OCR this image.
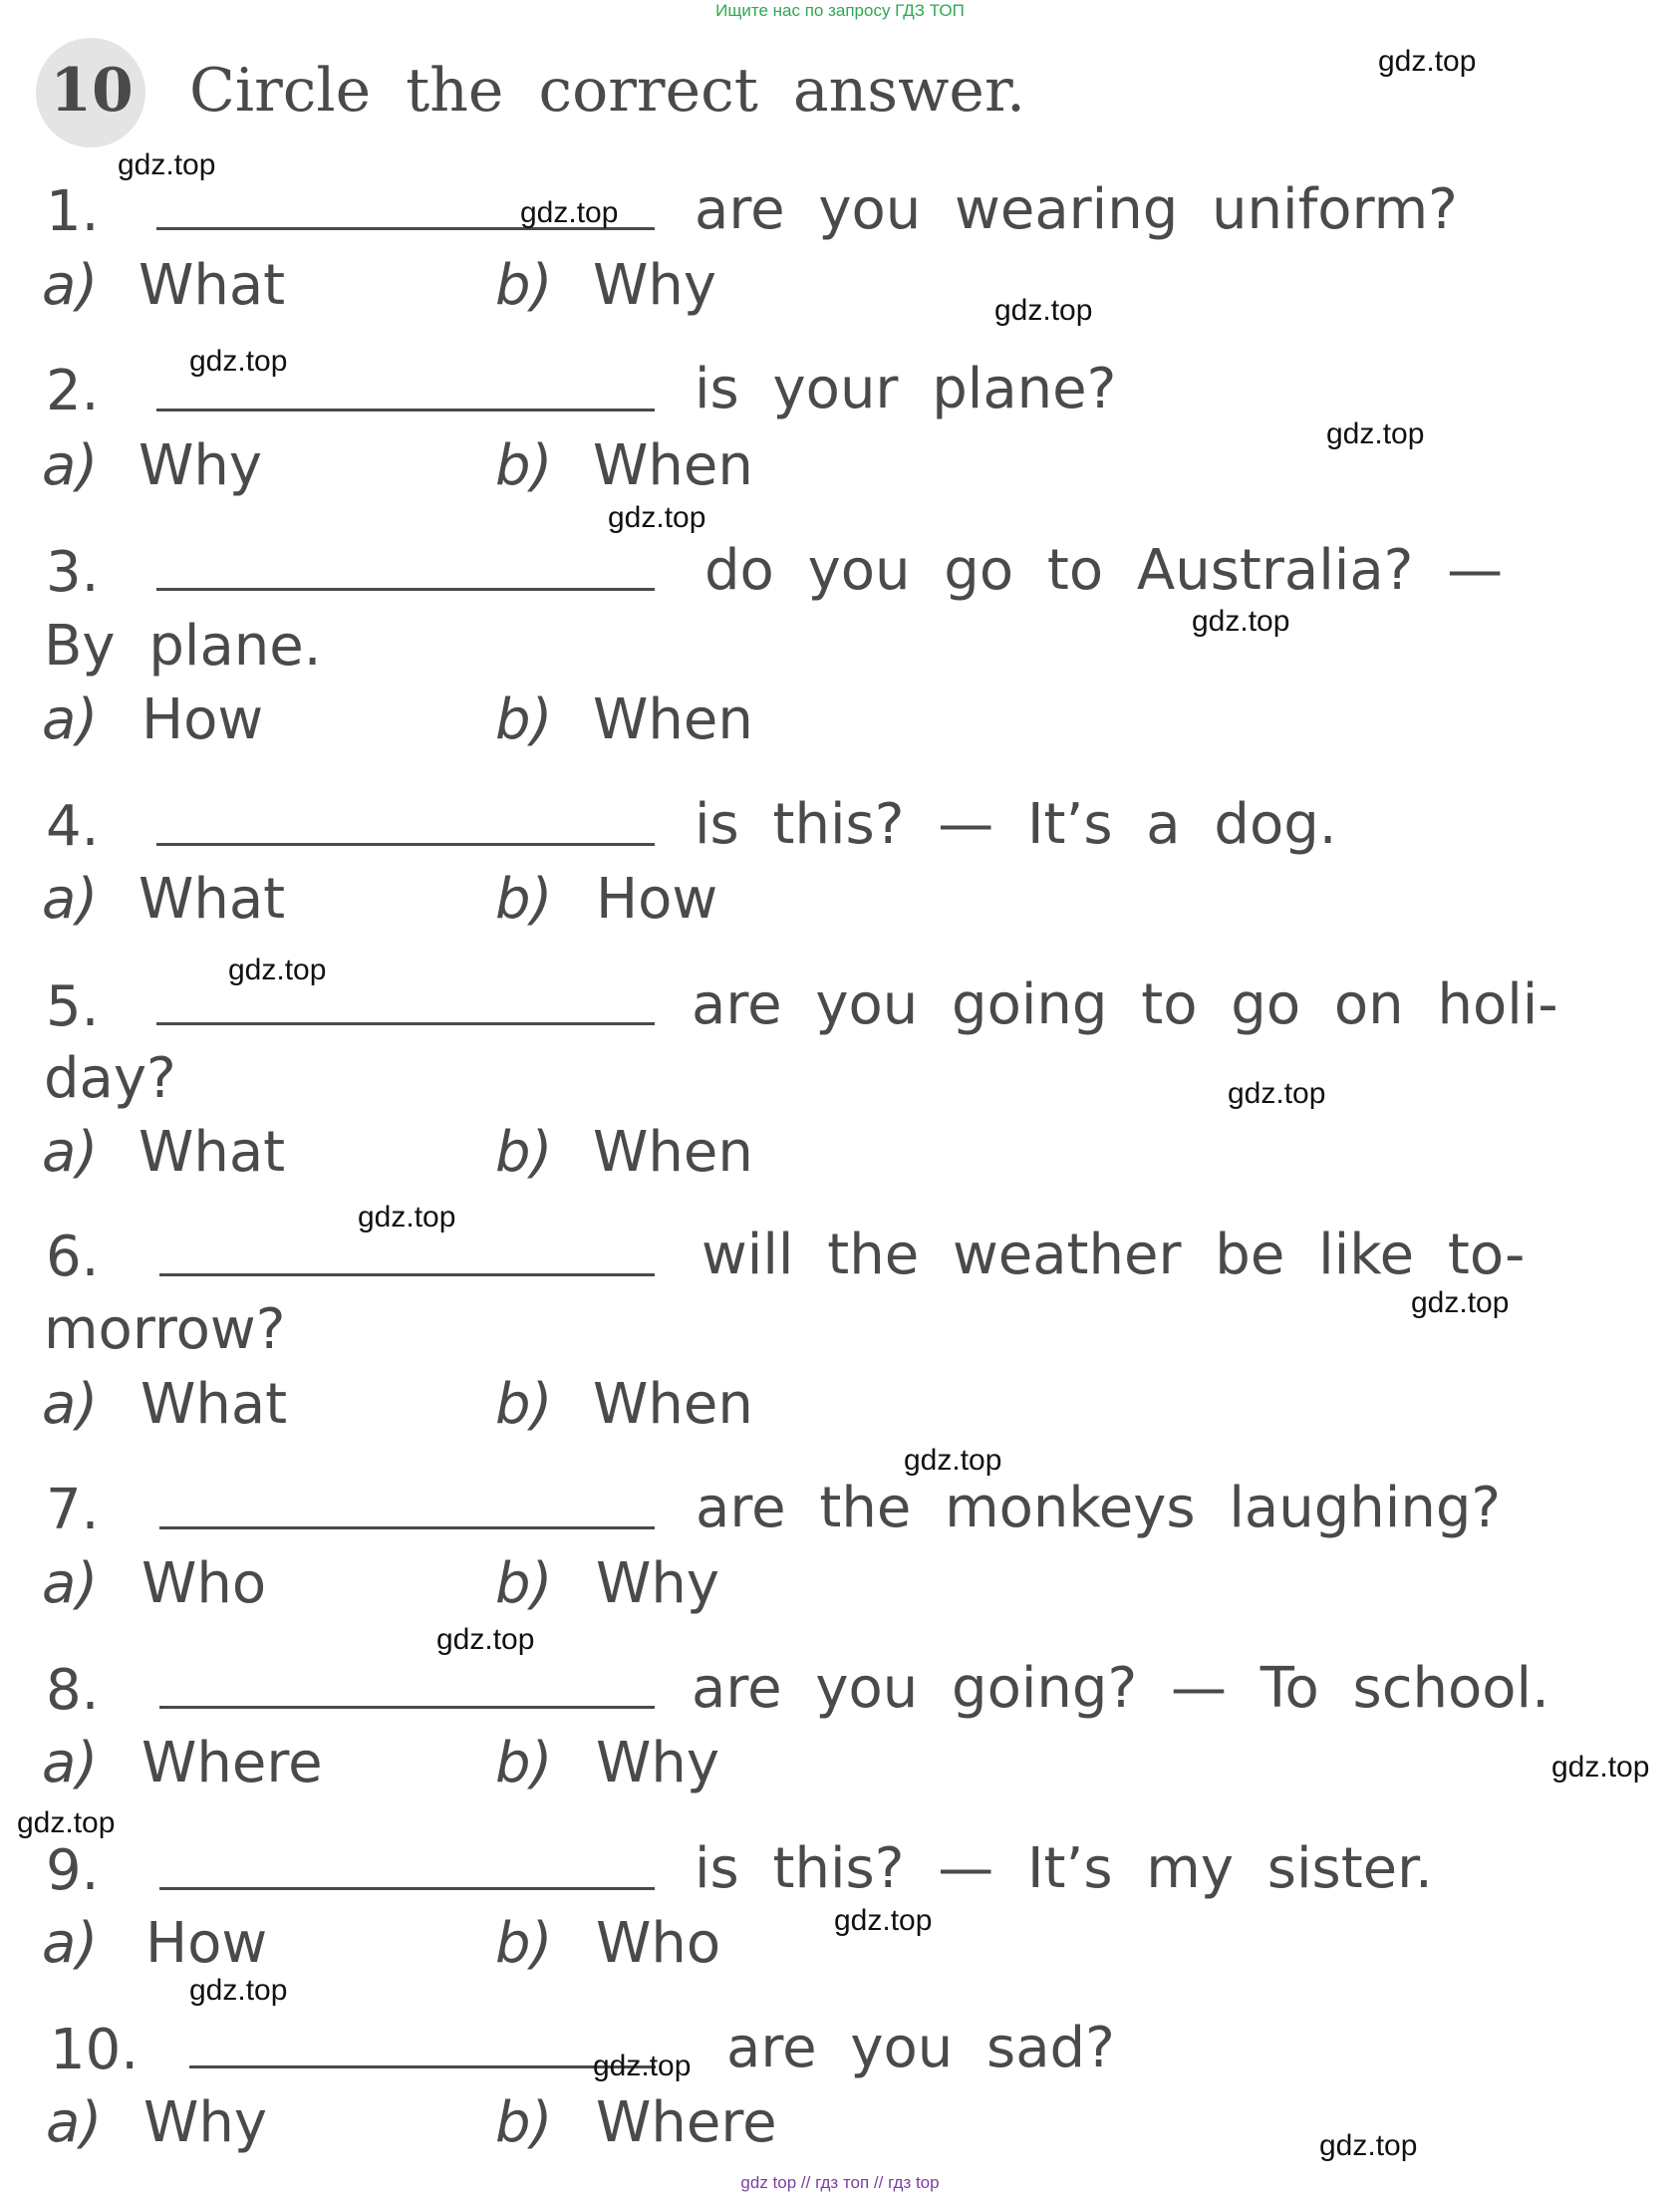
Ищите нас по запросу ГДЗ ТОП
10 Circle the correct answer.
1.	are you wearing uniform?
a) What	b) Why
2.	is your plane?
a) Why	b) When
3.	do you go to Australia? —
By plane.
a) How	b) When
4.	is this? — It’s a dog.
a) What	b) How
5.	are you going to go on holi-
day?
a) What	b) When
6.	will the weather be like to-
morrow?
a) What	b) When
7.	are the monkeys laughing?
a) Who	b) Why
8.	are you going? — To school.
a) Where	b) Why
9.	is this? — It’s my sister.
a) How	b) Who
10.	are you sad?
a) Why	b) Where
gdz.top
gdz.top
gdz.top
gdz.top
gdz.top
gdz.top
gdz.top
gdz.top
gdz.top
gdz.top
gdz.top
gdz.top
gdz.top
gdz.top
gdz.top
gdz.top
gdz.top
gdz.top
gdz.top
gdz.top
gdz top // гдз топ // гдз top
